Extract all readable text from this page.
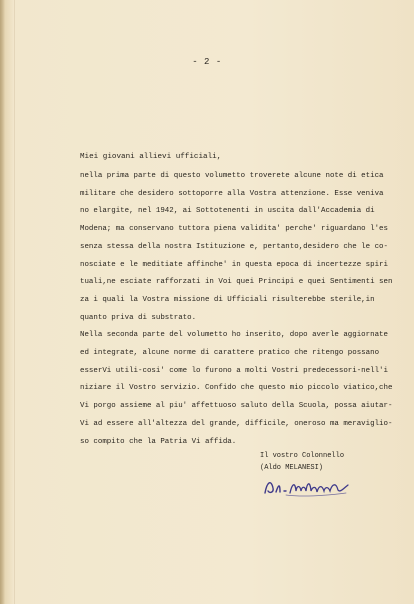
- 2 -

Miei giovani allievi ufficiali,

nella prima parte di questo volumetto troverete alcune note di etica
militare che desidero sottoporre alla Vostra attenzione. Esse veniva
no elargite, nel 1942, ai Sottotenenti in uscita dall'Accademia di
Modena; ma conservano tuttora piena validita' perche' riguardano l'es
senza stessa della nostra Istituzione e, pertanto,desidero che le co-
nosciate e le meditiate affinche' in questa epoca di incertezze spiri
tuali,ne esciate rafforzati in Voi quei Principi e quei Sentimenti sen
za i quali la Vostra missione di Ufficiali risulterebbe sterile,in
quanto priva di substrato.
Nella seconda parte del volumetto ho inserito, dopo averle aggiornate
ed integrate, alcune norme di carattere pratico che ritengo possano
esserVi utili-cosi' come lo furono a molti Vostri predecessori-nell'i
niziare il Vostro servizio. Confido che questo mio piccolo viatico,che
Vi porgo assieme al piu' affettuoso saluto della Scuola, possa aiutar-
Vi ad essere all'altezza del grande, difficile, oneroso ma meraviglio-
so compito che la Patria Vi affida.

Il vostro Colonnello

(Aldo MELANESI)
